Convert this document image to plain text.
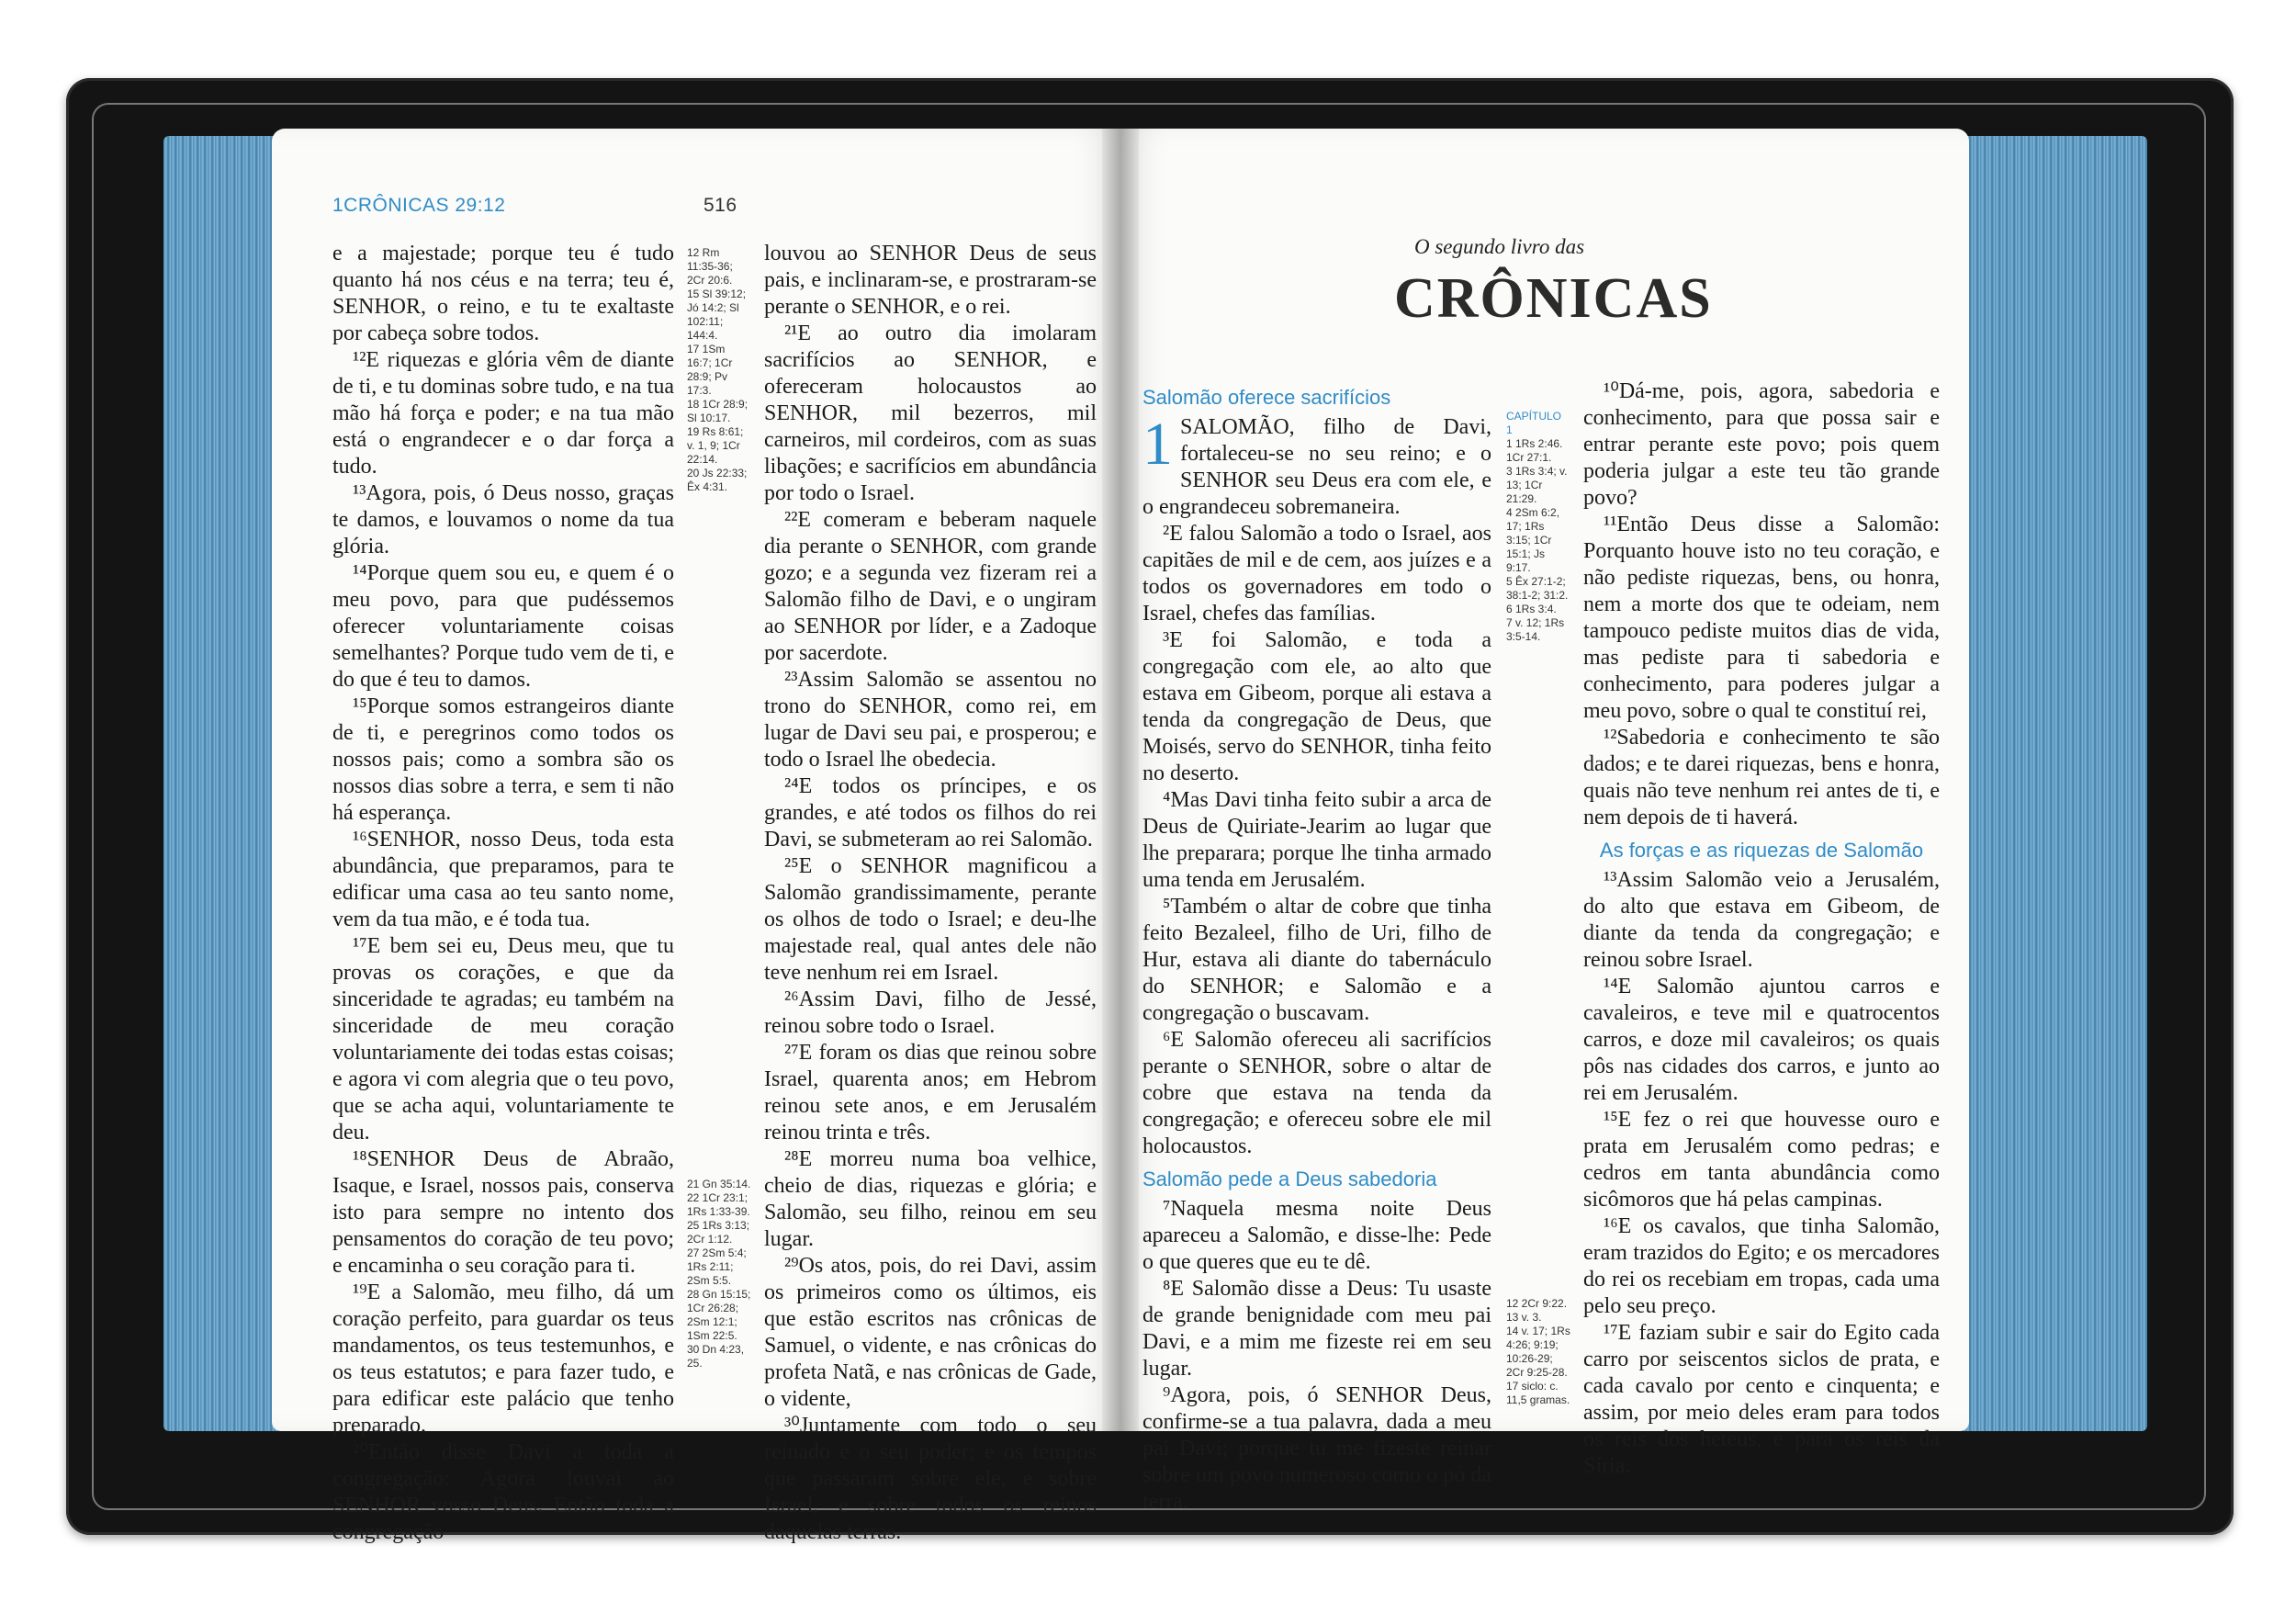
1CRÔNICAS 29:12	516

e a majestade; porque teu é tudo quanto há nos céus e na terra; teu é, SENHOR, o reino, e tu te exaltaste por cabeça sobre todos.

¹²E riquezas e glória vêm de diante de ti, e tu dominas sobre tudo, e na tua mão há força e poder; e na tua mão está o engrandecer e o dar força a tudo.

¹³Agora, pois, ó Deus nosso, graças te damos, e louvamos o nome da tua glória.

¹⁴Porque quem sou eu, e quem é o meu povo, para que pudéssemos oferecer voluntariamente coisas semelhantes? Porque tudo vem de ti, e do que é teu to damos.

¹⁵Porque somos estrangeiros diante de ti, e peregrinos como todos os nossos pais; como a sombra são os nossos dias sobre a terra, e sem ti não há esperança.

¹⁶SENHOR, nosso Deus, toda esta abundância, que preparamos, para te edificar uma casa ao teu santo nome, vem da tua mão, e é toda tua.

¹⁷E bem sei eu, Deus meu, que tu provas os corações, e que da sinceridade te agradas; eu também na sinceridade de meu coração voluntariamente dei todas estas coisas; e agora vi com alegria que o teu povo, que se acha aqui, voluntariamente te deu.

¹⁸SENHOR Deus de Abraão, Isaque, e Israel, nossos pais, conserva isto para sempre no intento dos pensamentos do coração de teu povo; e encaminha o seu coração para ti.

¹⁹E a Salomão, meu filho, dá um coração perfeito, para guardar os teus mandamentos, os teus testemunhos, e os teus estatutos; e para fazer tudo, e para edificar este palácio que tenho preparado.

²⁰Então disse Davi a toda a congregação: Agora louvai ao SENHOR vosso Deus. Então toda a congregação

12 Rm 11:35-36; 2Cr 20:6.
15 Sl 39:12; Jó 14:2; Sl 102:11; 144:4.
17 1Sm 16:7; 1Cr 28:9; Pv 17:3.
18 1Cr 28:9; Sl 10:17.
19 Rs 8:61; v. 1, 9; 1Cr 22:14.
20 Js 22:33; Êx 4:31.
21 Gn 35:14.
22 1Cr 23:1; 1Rs 1:33-39.
25 1Rs 3:13; 2Cr 1:12.
27 2Sm 5:4; 1Rs 2:11; 2Sm 5:5.
28 Gn 15:15; 1Cr 26:28; 2Sm 12:1; 1Sm 22:5.
30 Dn 4:23, 25.

louvou ao SENHOR Deus de seus pais, e inclinaram-se, e prostraram-se perante o SENHOR, e o rei.

²¹E ao outro dia imolaram sacrifícios ao SENHOR, e ofereceram holocaustos ao SENHOR, mil bezerros, mil carneiros, mil cordeiros, com as suas libações; e sacrifícios em abundância por todo o Israel.

²²E comeram e beberam naquele dia perante o SENHOR, com grande gozo; e a segunda vez fizeram rei a Salomão filho de Davi, e o ungiram ao SENHOR por líder, e a Zadoque por sacerdote.

²³Assim Salomão se assentou no trono do SENHOR, como rei, em lugar de Davi seu pai, e prosperou; e todo o Israel lhe obedecia.

²⁴E todos os príncipes, e os grandes, e até todos os filhos do rei Davi, se submeteram ao rei Salomão.

²⁵E o SENHOR magnificou a Salomão grandissimamente, perante os olhos de todo o Israel; e deu-lhe majestade real, qual antes dele não teve nenhum rei em Israel.

²⁶Assim Davi, filho de Jessé, reinou sobre todo o Israel.

²⁷E foram os dias que reinou sobre Israel, quarenta anos; em Hebrom reinou sete anos, e em Jerusalém reinou trinta e três.

²⁸E morreu numa boa velhice, cheio de dias, riquezas e glória; e Salomão, seu filho, reinou em seu lugar.

²⁹Os atos, pois, do rei Davi, assim os primeiros como os últimos, eis que estão escritos nas crônicas de Samuel, o vidente, e nas crônicas do profeta Natã, e nas crônicas de Gade, o vidente,

³⁰Juntamente com todo o seu reinado e o seu poder; e os tempos que passaram sobre ele, e sobre Israel, e sobre todos os reinos daquelas terras.

O segundo livro das
CRÔNICAS
Salomão oferece sacrifícios

1 SALOMÃO, filho de Davi, fortaleceu-se no seu reino; e o SENHOR seu Deus era com ele, e o engrandeceu sobremaneira.

²E falou Salomão a todo o Israel, aos capitães de mil e de cem, aos juízes e a todos os governadores em todo o Israel, chefes das famílias.

³E foi Salomão, e toda a congregação com ele, ao alto que estava em Gibeom, porque ali estava a tenda da congregação de Deus, que Moisés, servo do SENHOR, tinha feito no deserto.

⁴Mas Davi tinha feito subir a arca de Deus de Quiriate-Jearim ao lugar que lhe preparara; porque lhe tinha armado uma tenda em Jerusalém.

⁵Também o altar de cobre que tinha feito Bezaleel, filho de Uri, filho de Hur, estava ali diante do tabernáculo do SENHOR; e Salomão e a congregação o buscavam.

⁶E Salomão ofereceu ali sacrifícios perante o SENHOR, sobre o altar de cobre que estava na tenda da congregação; e ofereceu sobre ele mil holocaustos.

Salomão pede a Deus sabedoria

⁷Naquela mesma noite Deus apareceu a Salomão, e disse-lhe: Pede o que queres que eu te dê.

⁸E Salomão disse a Deus: Tu usaste de grande benignidade com meu pai Davi, e a mim me fizeste rei em seu lugar.

⁹Agora, pois, ó SENHOR Deus, confirme-se a tua palavra, dada a meu pai Davi; porque tu me fizeste reinar sobre um povo numeroso como o pó da terra.

CAPÍTULO 1
1 1Rs 2:46.
1Cr 27:1.
3 1Rs 3:4; v. 13; 1Cr 21:29.
4 2Sm 6:2, 17; 1Rs 3:15; 1Cr 15:1; Js 9:17.
5 Êx 27:1-2; 38:1-2; 31:2.
6 1Rs 3:4.
7 v. 12; 1Rs 3:5-14.
12 2Cr 9:22.
13 v. 3.
14 v. 17; 1Rs 4:26; 9:19; 10:26-29; 2Cr 9:25-28.
17 siclo: c. 11,5 gramas.

¹⁰Dá-me, pois, agora, sabedoria e conhecimento, para que possa sair e entrar perante este povo; pois quem poderia julgar a este teu tão grande povo?

¹¹Então Deus disse a Salomão: Porquanto houve isto no teu coração, e não pediste riquezas, bens, ou honra, nem a morte dos que te odeiam, nem tampouco pediste muitos dias de vida, mas pediste para ti sabedoria e conhecimento, para poderes julgar a meu povo, sobre o qual te constituí rei,

¹²Sabedoria e conhecimento te são dados; e te darei riquezas, bens e honra, quais não teve nenhum rei antes de ti, e nem depois de ti haverá.

As forças e as riquezas de Salomão

¹³Assim Salomão veio a Jerusalém, do alto que estava em Gibeom, de diante da tenda da congregação; e reinou sobre Israel.

¹⁴E Salomão ajuntou carros e cavaleiros, e teve mil e quatrocentos carros, e doze mil cavaleiros; os quais pôs nas cidades dos carros, e junto ao rei em Jerusalém.

¹⁵E fez o rei que houvesse ouro e prata em Jerusalém como pedras; e cedros em tanta abundância como sicômoros que há pelas campinas.

¹⁶E os cavalos, que tinha Salomão, eram trazidos do Egito; e os mercadores do rei os recebiam em tropas, cada uma pelo seu preço.

¹⁷E faziam subir e sair do Egito cada carro por seiscentos siclos de prata, e cada cavalo por cento e cinquenta; e assim, por meio deles eram para todos os reis dos heteus, e para os reis da Síria.
